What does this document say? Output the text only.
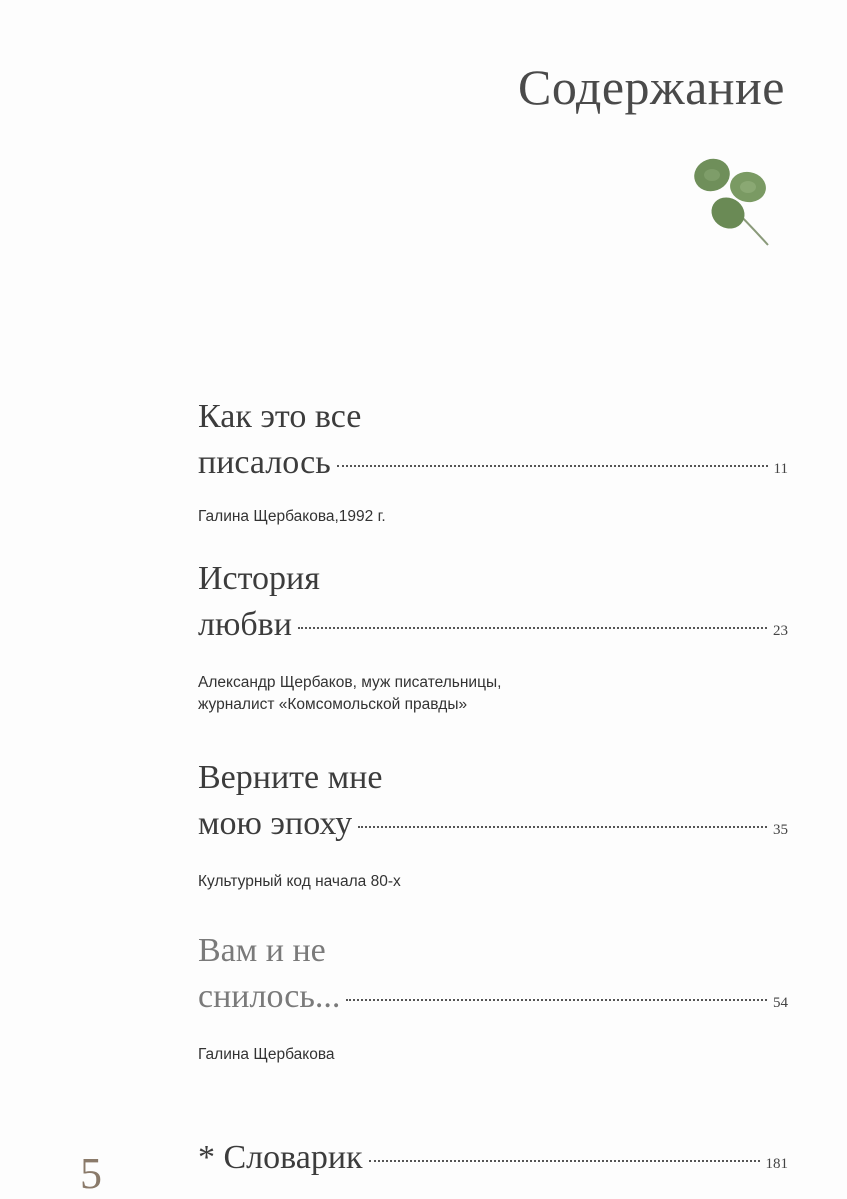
Содержание
Как это все
писалось	11
Галина Щербакова,1992 г.
История
любви	23
Александр Щербаков, муж писательницы,
журналист «Комсомольской правды»
Верните мне
мою эпоху	35
Культурный код начала 80-х
Вам и не
снилось...	54
Галина Щербакова
* Словарик	181
5
